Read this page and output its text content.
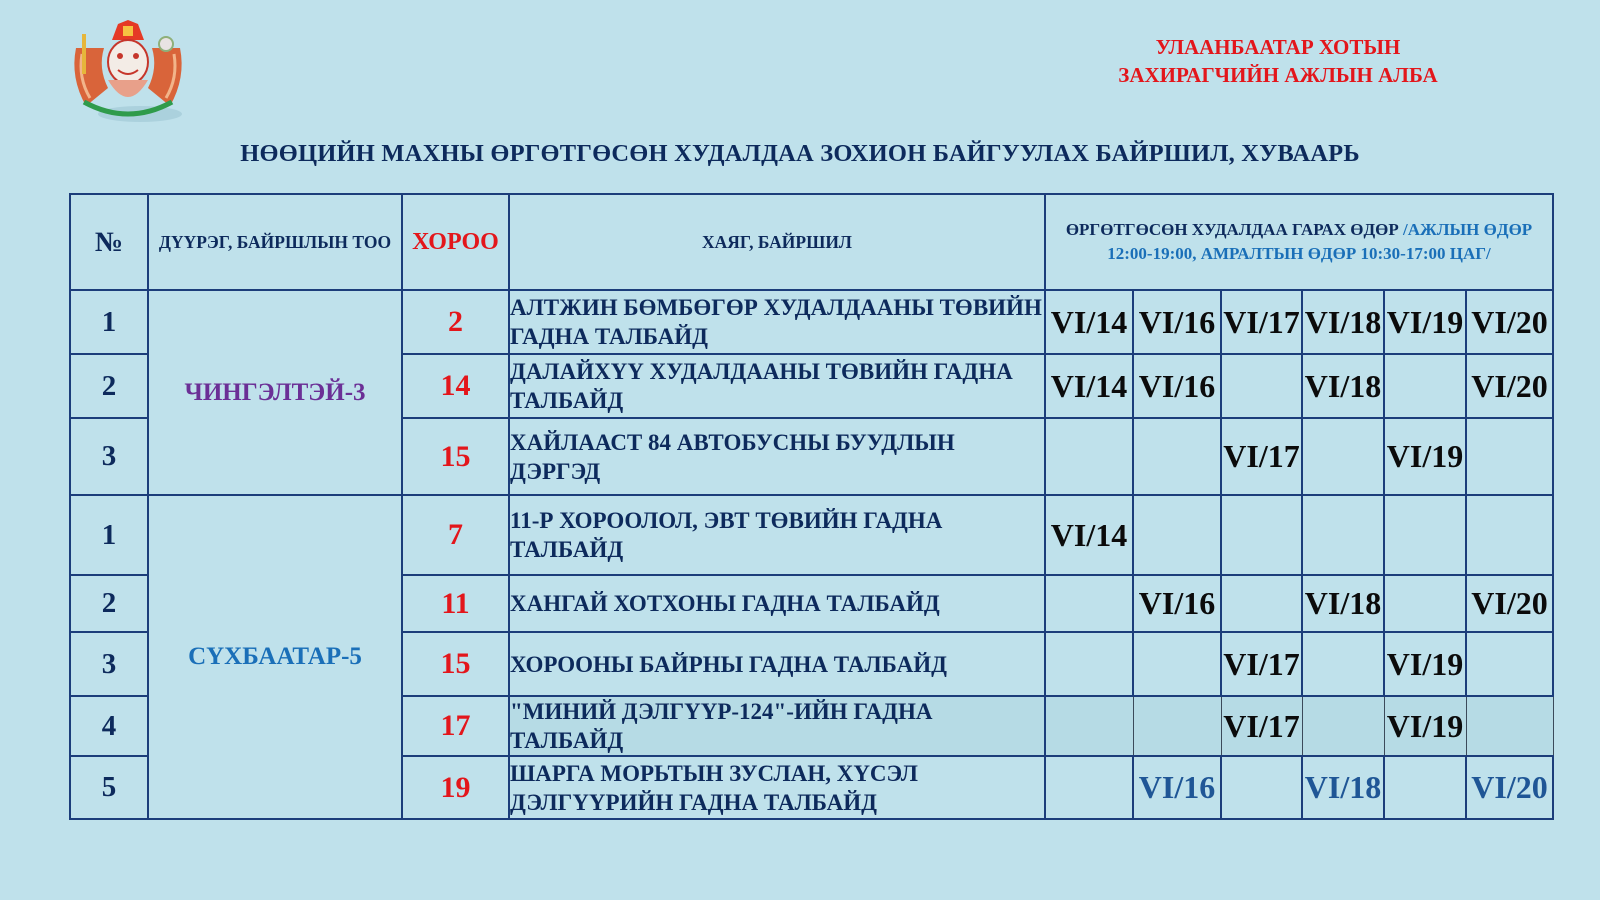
УЛААНБААТАР ХОТЫН
ЗАХИРАГЧИЙН АЖЛЫН АЛБА
НӨӨЦИЙН МАХНЫ ӨРГӨТГӨСӨН ХУДАЛДАА ЗОХИОН БАЙГУУЛАХ БАЙРШИЛ, ХУВААРЬ
№	ДҮҮРЭГ, БАЙРШЛЫН ТОО	ХОРОО	ХАЯГ, БАЙРШИЛ	ӨРГӨТГӨСӨН ХУДАЛДАА ГАРАХ ӨДӨР /АЖЛЫН ӨДӨР 12:00-19:00, АМРАЛТЫН ӨДӨР 10:30-17:00 ЦАГ/					
1	ЧИНГЭЛТЭЙ-3	2	АЛТЖИН БӨМБӨГӨР ХУДАЛДААНЫ ТӨВИЙН ГАДНА ТАЛБАЙД	VI/14	VI/16	VI/17	VI/18	VI/19	VI/20
2		14	ДАЛАЙХҮҮ ХУДАЛДААНЫ ТӨВИЙН ГАДНА ТАЛБАЙД	VI/14	VI/16		VI/18		VI/20
3		15	ХАЙЛААСТ 84 АВТОБУСНЫ БУУДЛЫН ДЭРГЭД			VI/17		VI/19	
1	СҮХБААТАР-5	7	11-Р ХОРООЛОЛ, ЭВТ ТӨВИЙН ГАДНА ТАЛБАЙД	VI/14					
2		11	ХАНГАЙ ХОТХОНЫ ГАДНА ТАЛБАЙД		VI/16		VI/18		VI/20
3		15	ХОРООНЫ БАЙРНЫ ГАДНА ТАЛБАЙД			VI/17		VI/19	
4		17	"МИНИЙ ДЭЛГҮҮР-124"-ИЙН ГАДНА ТАЛБАЙД			VI/17		VI/19	
5		19	ШАРГА МОРЬТЫН ЗУСЛАН, ХҮСЭЛ ДЭЛГҮҮРИЙН ГАДНА ТАЛБАЙД		VI/16		VI/18		VI/20
